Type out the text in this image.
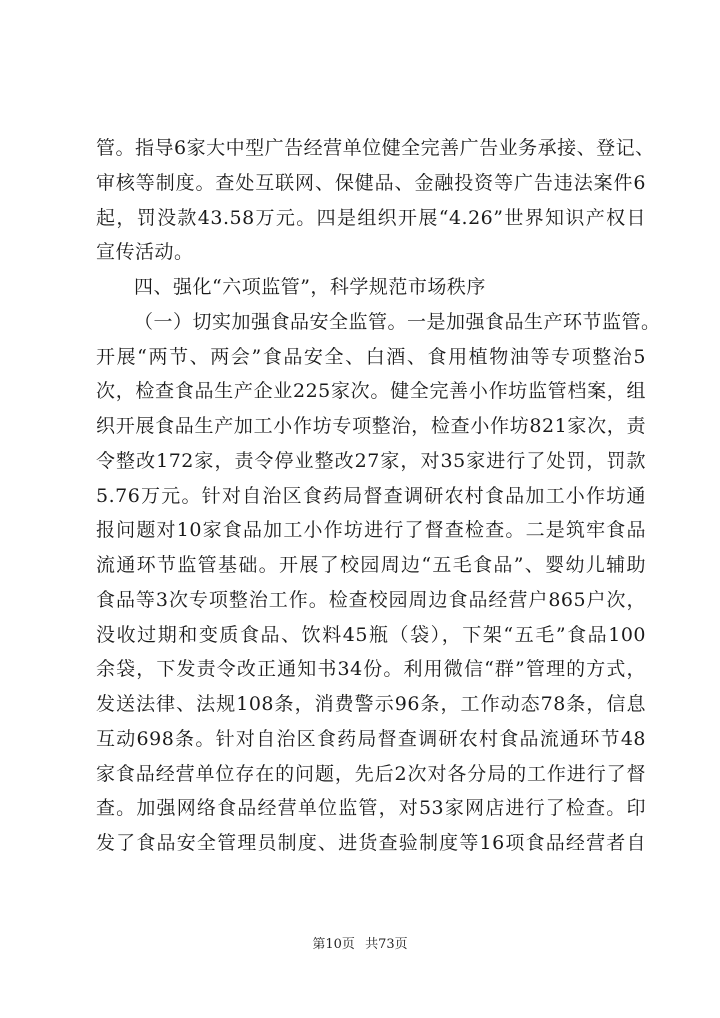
管。指导6家大中型广告经营单位健全完善广告业务承接、登记、
审核等制度。查处互联网、保健品、金融投资等广告违法案件6
起，罚没款43.58万元。四是组织开展“4.26”世界知识产权日
宣传活动。
四、强化“六项监管”，科学规范市场秩序
（一）切实加强食品安全监管。一是加强食品生产环节监管。
开展“两节、两会”食品安全、白酒、食用植物油等专项整治5
次，检查食品生产企业225家次。健全完善小作坊监管档案，组
织开展食品生产加工小作坊专项整治，检查小作坊821家次，责
令整改172家，责令停业整改27家，对35家进行了处罚，罚款
5.76万元。针对自治区食药局督查调研农村食品加工小作坊通
报问题对10家食品加工小作坊进行了督查检查。二是筑牢食品
流通环节监管基础。开展了校园周边“五毛食品”、婴幼儿辅助
食品等3次专项整治工作。检查校园周边食品经营户865户次，
没收过期和变质食品、饮料45瓶（袋），下架“五毛”食品100
余袋，下发责令改正通知书34份。利用微信“群”管理的方式，
发送法律、法规108条，消费警示96条，工作动态78条，信息
互动698条。针对自治区食药局督查调研农村食品流通环节48
家食品经营单位存在的问题，先后2次对各分局的工作进行了督
查。加强网络食品经营单位监管，对53家网店进行了检查。印
发了食品安全管理员制度、进货查验制度等16项食品经营者自
第10页 共73页
